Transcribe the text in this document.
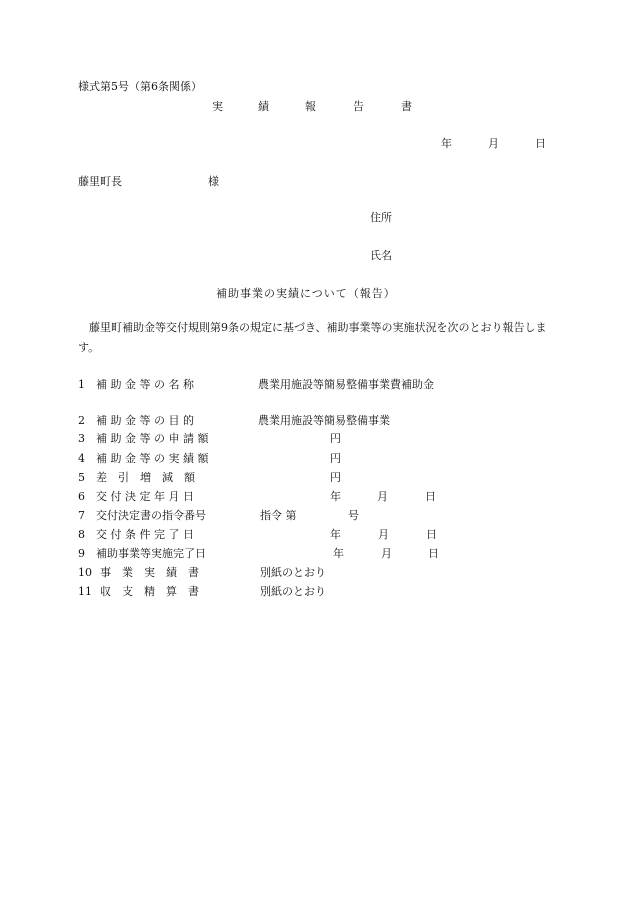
様式第5号（第6条関係）
実	績	報	告	書
年	月	日
藤里町長	様
住所
氏名
補助事業の実績について（報告）
藤里町補助金等交付規則第9条の規定に基づき、補助事業等の実施状況を次のとおり報告します。
1 補 助 金 等 の 名 称	農業用施設等簡易整備事業費補助金
2 補 助 金 等 の 目 的	農業用施設等簡易整備事業
3 補 助 金 等 の 申 請 額	円
4 補 助 金 等 の 実 績 額	円
5 差　引　増　減　額	円
6 交 付 決 定 年 月 日	年	月	日
7 交付決定書の指令番号	指令 第	号
8 交 付 条 件 完 了 日	年	月	日
9 補助事業等実施完了日	年	月	日
10 事　業　実　績　書	別紙のとおり
11 収　支　精　算　書	別紙のとおり
